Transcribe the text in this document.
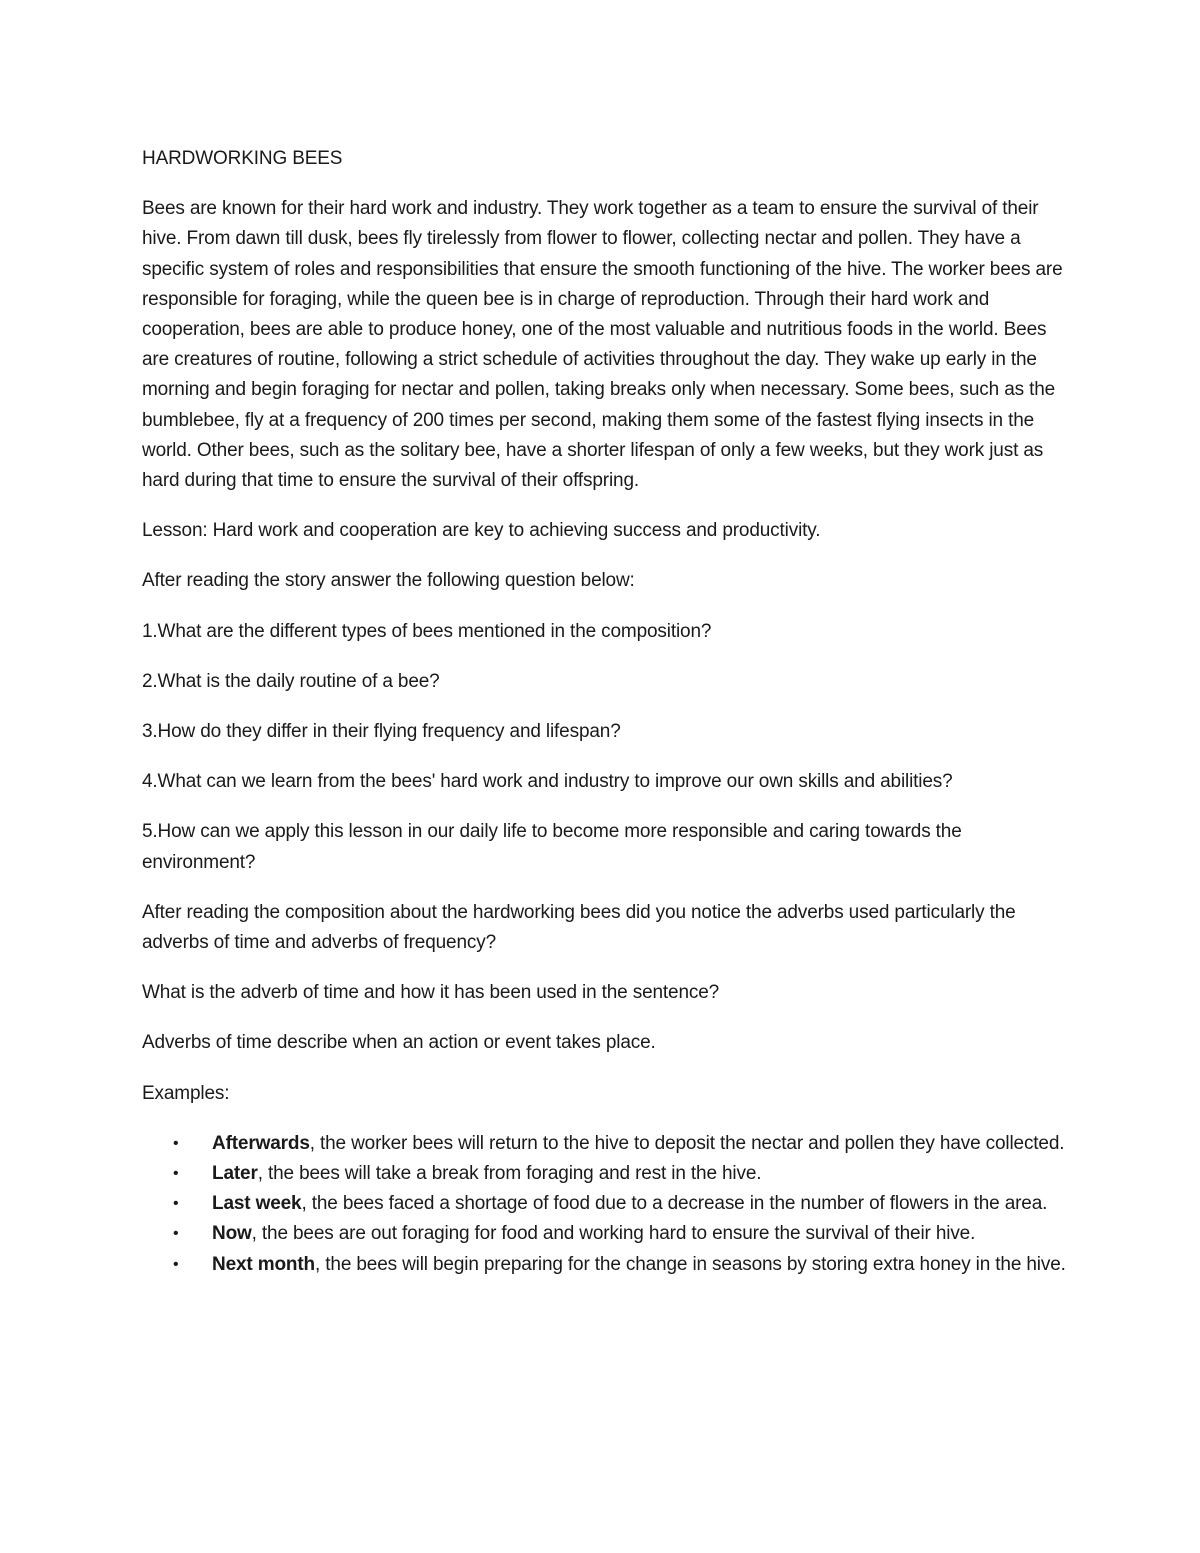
HARDWORKING BEES

Bees are known for their hard work and industry. They work together as a team to ensure the survival of their hive. From dawn till dusk, bees fly tirelessly from flower to flower, collecting nectar and pollen. They have a specific system of roles and responsibilities that ensure the smooth functioning of the hive. The worker bees are responsible for foraging, while the queen bee is in charge of reproduction. Through their hard work and cooperation, bees are able to produce honey, one of the most valuable and nutritious foods in the world. Bees are creatures of routine, following a strict schedule of activities throughout the day. They wake up early in the morning and begin foraging for nectar and pollen, taking breaks only when necessary. Some bees, such as the bumblebee, fly at a frequency of 200 times per second, making them some of the fastest flying insects in the world. Other bees, such as the solitary bee, have a shorter lifespan of only a few weeks, but they work just as hard during that time to ensure the survival of their offspring.

Lesson: Hard work and cooperation are key to achieving success and productivity.

After reading the story answer the following question below:

1.What are the different types of bees mentioned in the composition?

2.What is the daily routine of a bee?

3.How do they differ in their flying frequency and lifespan?

4.What can we learn from the bees' hard work and industry to improve our own skills and abilities?

5.How can we apply this lesson in our daily life to become more responsible and caring towards the environment?

After reading the composition about the hardworking bees did you notice the adverbs used particularly the adverbs of time and adverbs of frequency?

What is the adverb of time and how it has been used in the sentence?

Adverbs of time describe when an action or event takes place.

Examples:

• Afterwards, the worker bees will return to the hive to deposit the nectar and pollen they have collected.
• Later, the bees will take a break from foraging and rest in the hive.
• Last week, the bees faced a shortage of food due to a decrease in the number of flowers in the area.
• Now, the bees are out foraging for food and working hard to ensure the survival of their hive.
• Next month, the bees will begin preparing for the change in seasons by storing extra honey in the hive.
